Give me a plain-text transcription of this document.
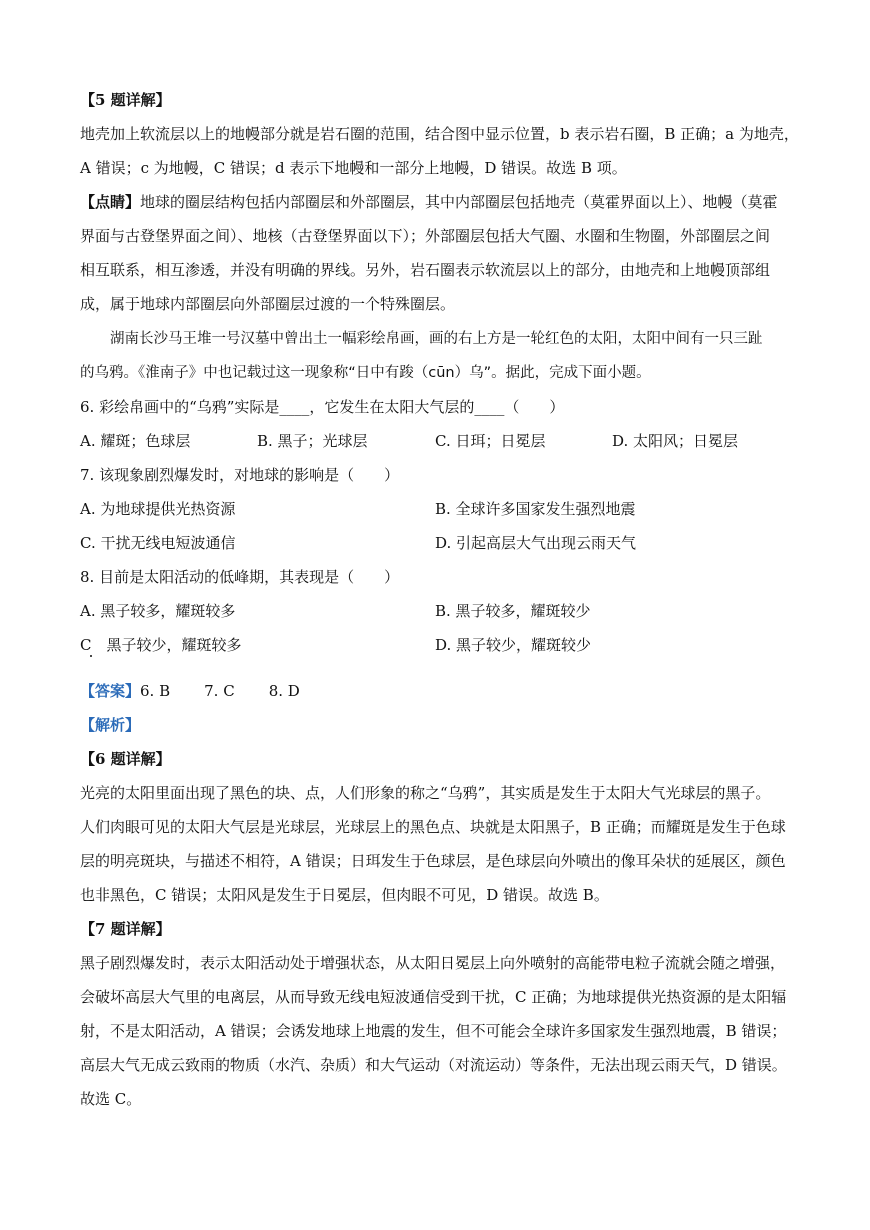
【5 题详解】
地壳加上软流层以上的地幔部分就是岩石圈的范围，结合图中显示位置，b 表示岩石圈，B 正确；a 为地壳，
A 错误；c 为地幔，C 错误；d 表示下地幔和一部分上地幔，D 错误。故选 B 项。
【点睛】地球的圈层结构包括内部圈层和外部圈层，其中内部圈层包括地壳（莫霍界面以上）、地幔（莫霍
界面与古登堡界面之间）、地核（古登堡界面以下）；外部圈层包括大气圈、水圈和生物圈，外部圈层之间
相互联系，相互渗透，并没有明确的界线。另外，岩石圈表示软流层以上的部分，由地壳和上地幔顶部组
成，属于地球内部圈层向外部圈层过渡的一个特殊圈层。
湖南长沙马王堆一号汉墓中曾出土一幅彩绘帛画，画的右上方是一轮红色的太阳，太阳中间有一只三趾
的乌鸦。《淮南子》中也记载过这一现象称“日中有踆（cūn）乌”。据此，完成下面小题。
6. 彩绘帛画中的“乌鸦”实际是____，它发生在太阳大气层的____（　　）
A. 耀斑；色球层	B. 黑子；光球层	C. 日珥；日冕层	D. 太阳风；日冕层
7. 该现象剧烈爆发时，对地球的影响是（　　）
A. 为地球提供光热资源	B. 全球许多国家发生强烈地震
C. 干扰无线电短波通信	D. 引起高层大气出现云雨天气
8. 目前是太阳活动的低峰期，其表现是（　　）
A. 黑子较多，耀斑较多	B. 黑子较多，耀斑较少
C　黑子较少，耀斑较多	D. 黑子较少，耀斑较少
【答案】6. B 7. C 8. D
【解析】
【6 题详解】
光亮的太阳里面出现了黑色的块、点，人们形象的称之“乌鸦”，其实质是发生于太阳大气光球层的黑子。
人们肉眼可见的太阳大气层是光球层，光球层上的黑色点、块就是太阳黑子，B 正确；而耀斑是发生于色球
层的明亮斑块，与描述不相符，A 错误；日珥发生于色球层，是色球层向外喷出的像耳朵状的延展区，颜色
也非黑色，C 错误；太阳风是发生于日冕层，但肉眼不可见，D 错误。故选 B。
【7 题详解】
黑子剧烈爆发时，表示太阳活动处于增强状态，从太阳日冕层上向外喷射的高能带电粒子流就会随之增强，
会破坏高层大气里的电离层，从而导致无线电短波通信受到干扰，C 正确；为地球提供光热资源的是太阳辐
射，不是太阳活动，A 错误；会诱发地球上地震的发生，但不可能会全球许多国家发生强烈地震，B 错误；
高层大气无成云致雨的物质（水汽、杂质）和大气运动（对流运动）等条件，无法出现云雨天气，D 错误。
故选 C。
